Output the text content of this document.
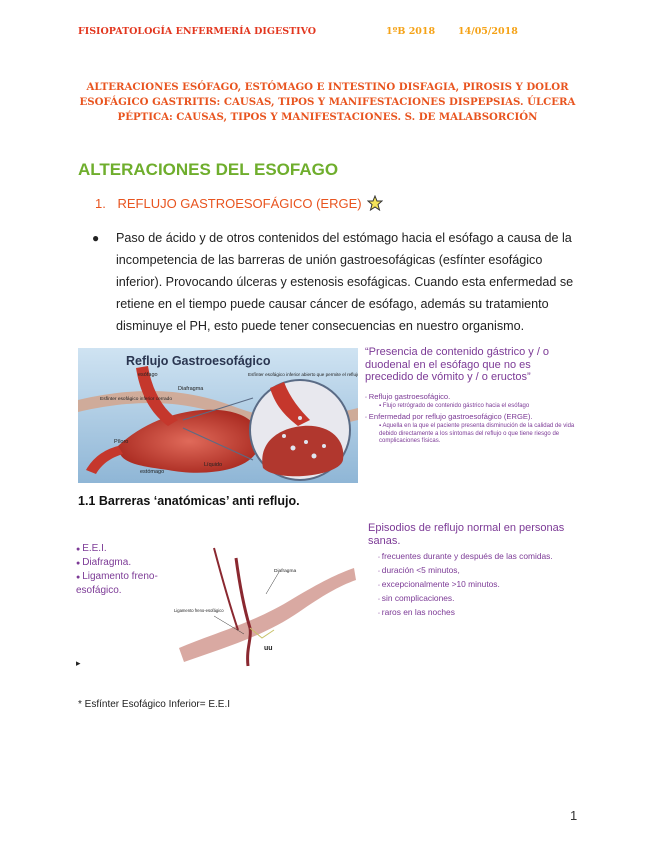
FISIOPATOLOGÍA ENFERMERÍA DIGESTIVO	1ºB 2018 14/05/2018
ALTERACIONES ESÓFAGO, ESTÓMAGO E INTESTINO DISFAGIA, PIROSIS Y DOLOR ESOFÁGICO GASTRITIS: CAUSAS, TIPOS Y MANIFESTACIONES DISPEPSIAS. ÚLCERA PÉPTICA: CAUSAS, TIPOS Y MANIFESTACIONES. S. DE MALABSORCIÓN
ALTERACIONES DEL ESOFAGO
1. REFLUJO GASTROESOFÁGICO (ERGE)
● Paso de ácido y de otros contenidos del estómago hacia el esófago a causa de la incompetencia de las barreras de unión gastroesofágicas (esfínter esofágico inferior). Provocando úlceras y estenosis esofágicas. Cuando esta enfermedad se retiene en el tiempo puede causar cáncer de esófago, además su tratamiento disminuye el PH, esto puede tener consecuencias en nuestro organismo.
Reflujo Gastroesofágico
esófago
Diafragma
Esfínter esofágico inferior cerrado
Esfínter esofágico inferior abierto que permite el reflujo
Píloro
Líquido
estómago
“Presencia de contenido gástrico y / o duodenal en el esófago que no es precedido de vómito y / o eructos”
◦ Reflujo gastroesofágico.
▪ Flujo retrógrado de contenido gástrico hacia el esófago
◦ Enfermedad por reflujo gastroesofágico (ERGE).
▪ Aquella en la que el paciente presenta disminución de la calidad de vida debido directamente a los síntomas del reflujo o que tiene riesgo de complicaciones físicas.
1.1 Barreras ‘anatómicas’ anti reflujo.
● E.E.I.
● Diafragma.
● Ligamento freno-esofágico.
Diafragma
Ligamento freno-esofágico
uu
▸
Episodios de reflujo normal en personas sanas.
◦ frecuentes durante y después de las comidas.
◦ duración <5 minutos,
◦ excepcionalmente >10 minutos.
◦ sin complicaciones.
◦ raros en las noches
* Esfínter Esofágico Inferior= E.E.I
1
